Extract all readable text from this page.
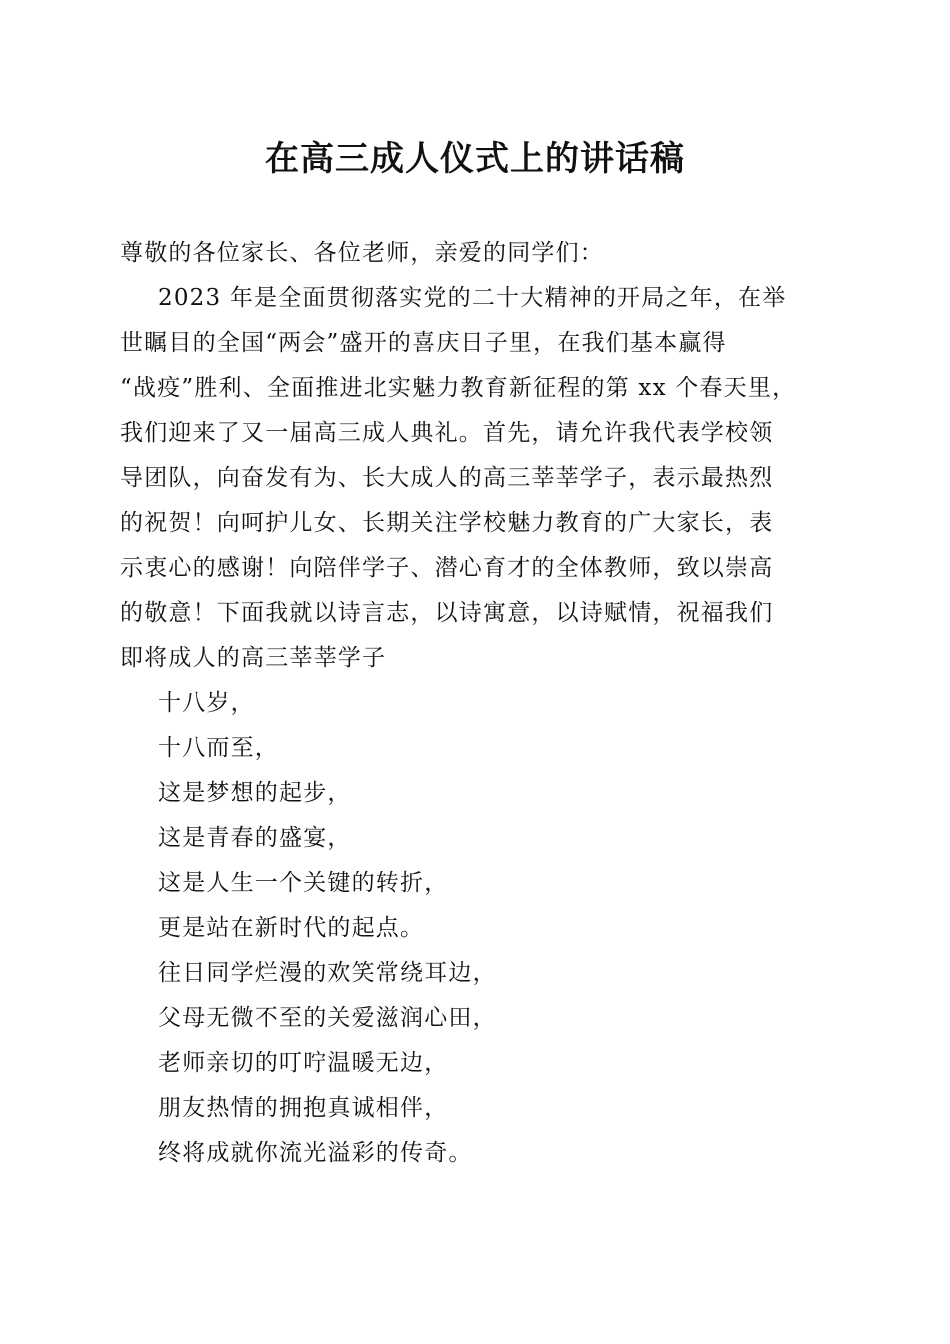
在高三成人仪式上的讲话稿
尊敬的各位家长、各位老师，亲爱的同学们：
2023 年是全面贯彻落实党的二十大精神的开局之年，在举
世瞩目的全国“两会”盛开的喜庆日子里，在我们基本赢得
“战疫”胜利、全面推进北实魅力教育新征程的第 xx 个春天里，
我们迎来了又一届高三成人典礼。首先，请允许我代表学校领
导团队，向奋发有为、长大成人的高三莘莘学子，表示最热烈
的祝贺！向呵护儿女、长期关注学校魅力教育的广大家长，表
示衷心的感谢！向陪伴学子、潜心育才的全体教师，致以崇高
的敬意！下面我就以诗言志，以诗寓意，以诗赋情，祝福我们
即将成人的高三莘莘学子
十八岁，
十八而至，
这是梦想的起步，
这是青春的盛宴，
这是人生一个关键的转折，
更是站在新时代的起点。
往日同学烂漫的欢笑常绕耳边，
父母无微不至的关爱滋润心田，
老师亲切的叮咛温暖无边，
朋友热情的拥抱真诚相伴，
终将成就你流光溢彩的传奇。
